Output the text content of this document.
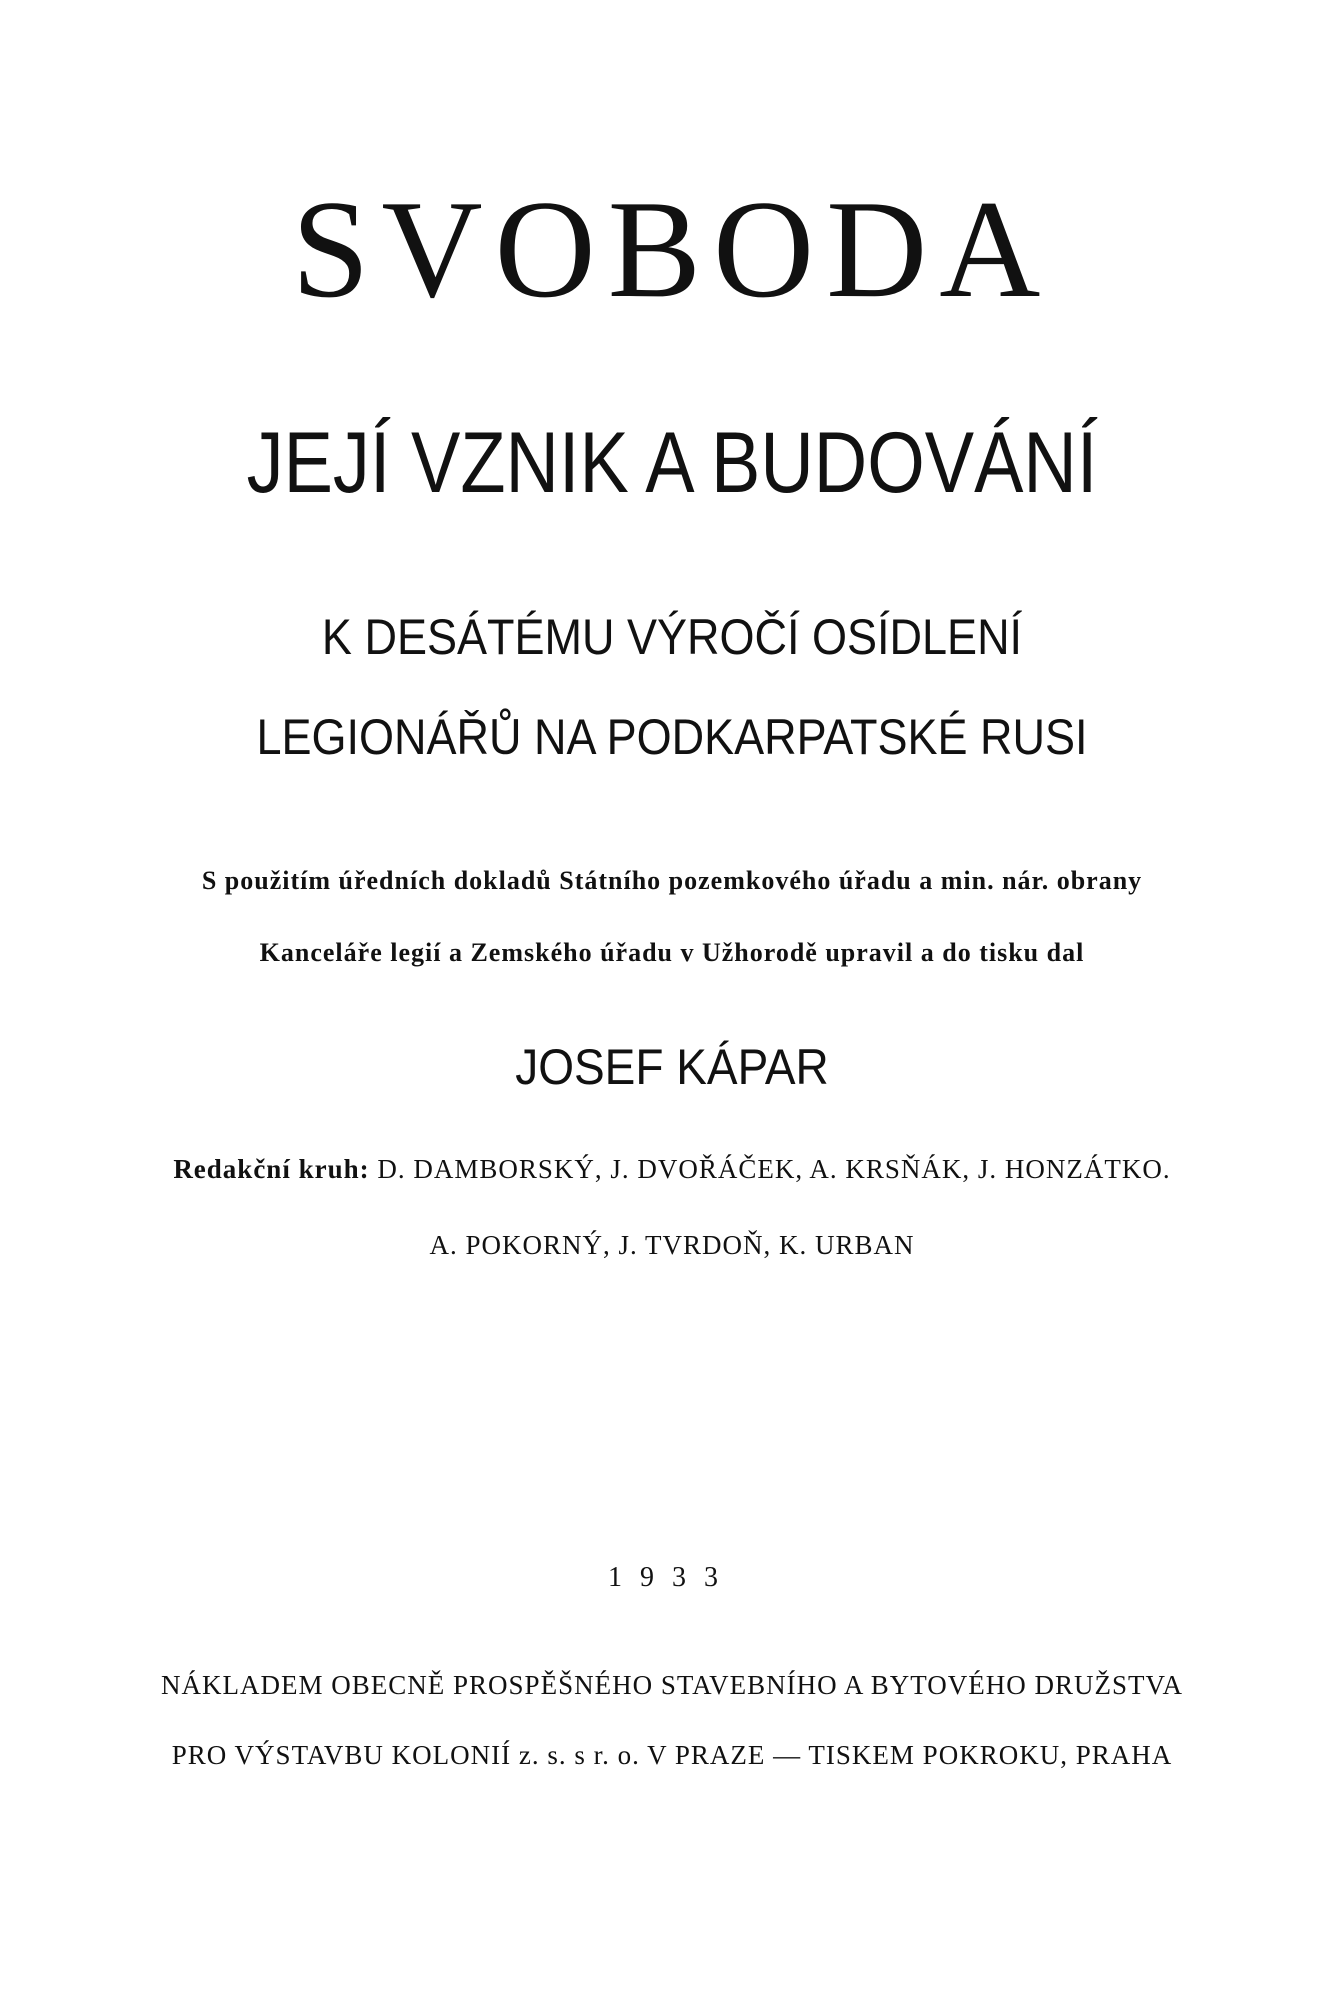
SVOBODA
JEJÍ VZNIK A BUDOVÁNÍ
K DESÁTÉMU VÝROČÍ OSÍDLENÍ
LEGIONÁŘŮ NA PODKARPATSKÉ RUSI
S použitím úředních dokladů Státního pozemkového úřadu a min. nár. obrany
Kanceláře legií a Zemského úřadu v Užhorodě upravil a do tisku dal
JOSEF KÁPAR
Redakční kruh: D. DAMBORSKÝ, J. DVOŘÁČEK, A. KRSŇÁK, J. HONZÁTKO.
A. POKORNÝ, J. TVRDOŇ, K. URBAN
1933
NÁKLADEM OBECNĚ PROSPĚŠNÉHO STAVEBNÍHO A BYTOVÉHO DRUŽSTVA
PRO VÝSTAVBU KOLONIÍ z. s. s r. o. V PRAZE — TISKEM POKROKU, PRAHA
